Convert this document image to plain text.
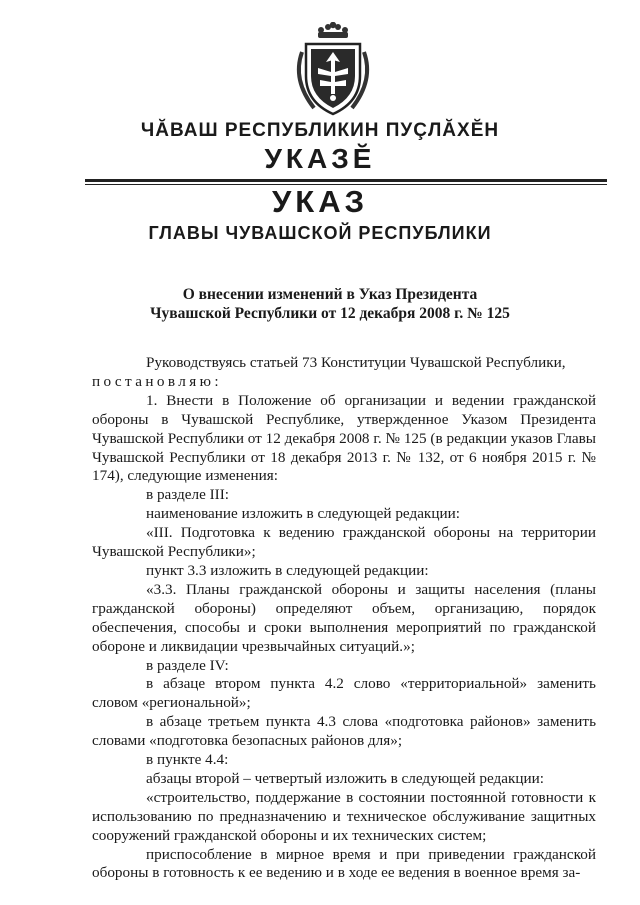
ЧĂВАШ РЕСПУБЛИКИН ПУÇЛĂХĔН
УКАЗĔ
УКАЗ
ГЛАВЫ ЧУВАШСКОЙ РЕСПУБЛИКИ
О внесении изменений в Указ Президента
Чувашской Республики от 12 декабря 2008 г. № 125

Руководствуясь статьей 73 Конституции Чувашской Республики,

постановляю:

1. Внести в Положение об организации и ведении гражданской обороны в Чувашской Республике, утвержденное Указом Президента Чувашской Республики от 12 декабря 2008 г. № 125 (в редакции указов Главы Чувашской Республики от 18 декабря 2013 г. № 132, от 6 ноября 2015 г. № 174), следующие изменения:

в разделе III:

наименование изложить в следующей редакции:

«III. Подготовка к ведению гражданской обороны на территории Чувашской Республики»;

пункт 3.3 изложить в следующей редакции:

«3.3. Планы гражданской обороны и защиты населения (планы гражданской обороны) определяют объем, организацию, порядок обеспечения, способы и сроки выполнения мероприятий по гражданской обороне и ликвидации чрезвычайных ситуаций.»;

в разделе IV:

в абзаце втором пункта 4.2 слово «территориальной» заменить словом «региональной»;

в абзаце третьем пункта 4.3 слова «подготовка районов» заменить словами «подготовка безопасных районов для»;

в пункте 4.4:

абзацы второй – четвертый изложить в следующей редакции:

«строительство, поддержание в состоянии постоянной готовности к использованию по предназначению и техническое обслуживание защитных сооружений гражданской обороны и их технических систем;

приспособление в мирное время и при приведении гражданской обороны в готовность к ее ведению и в ходе ее ведения в военное время за-
